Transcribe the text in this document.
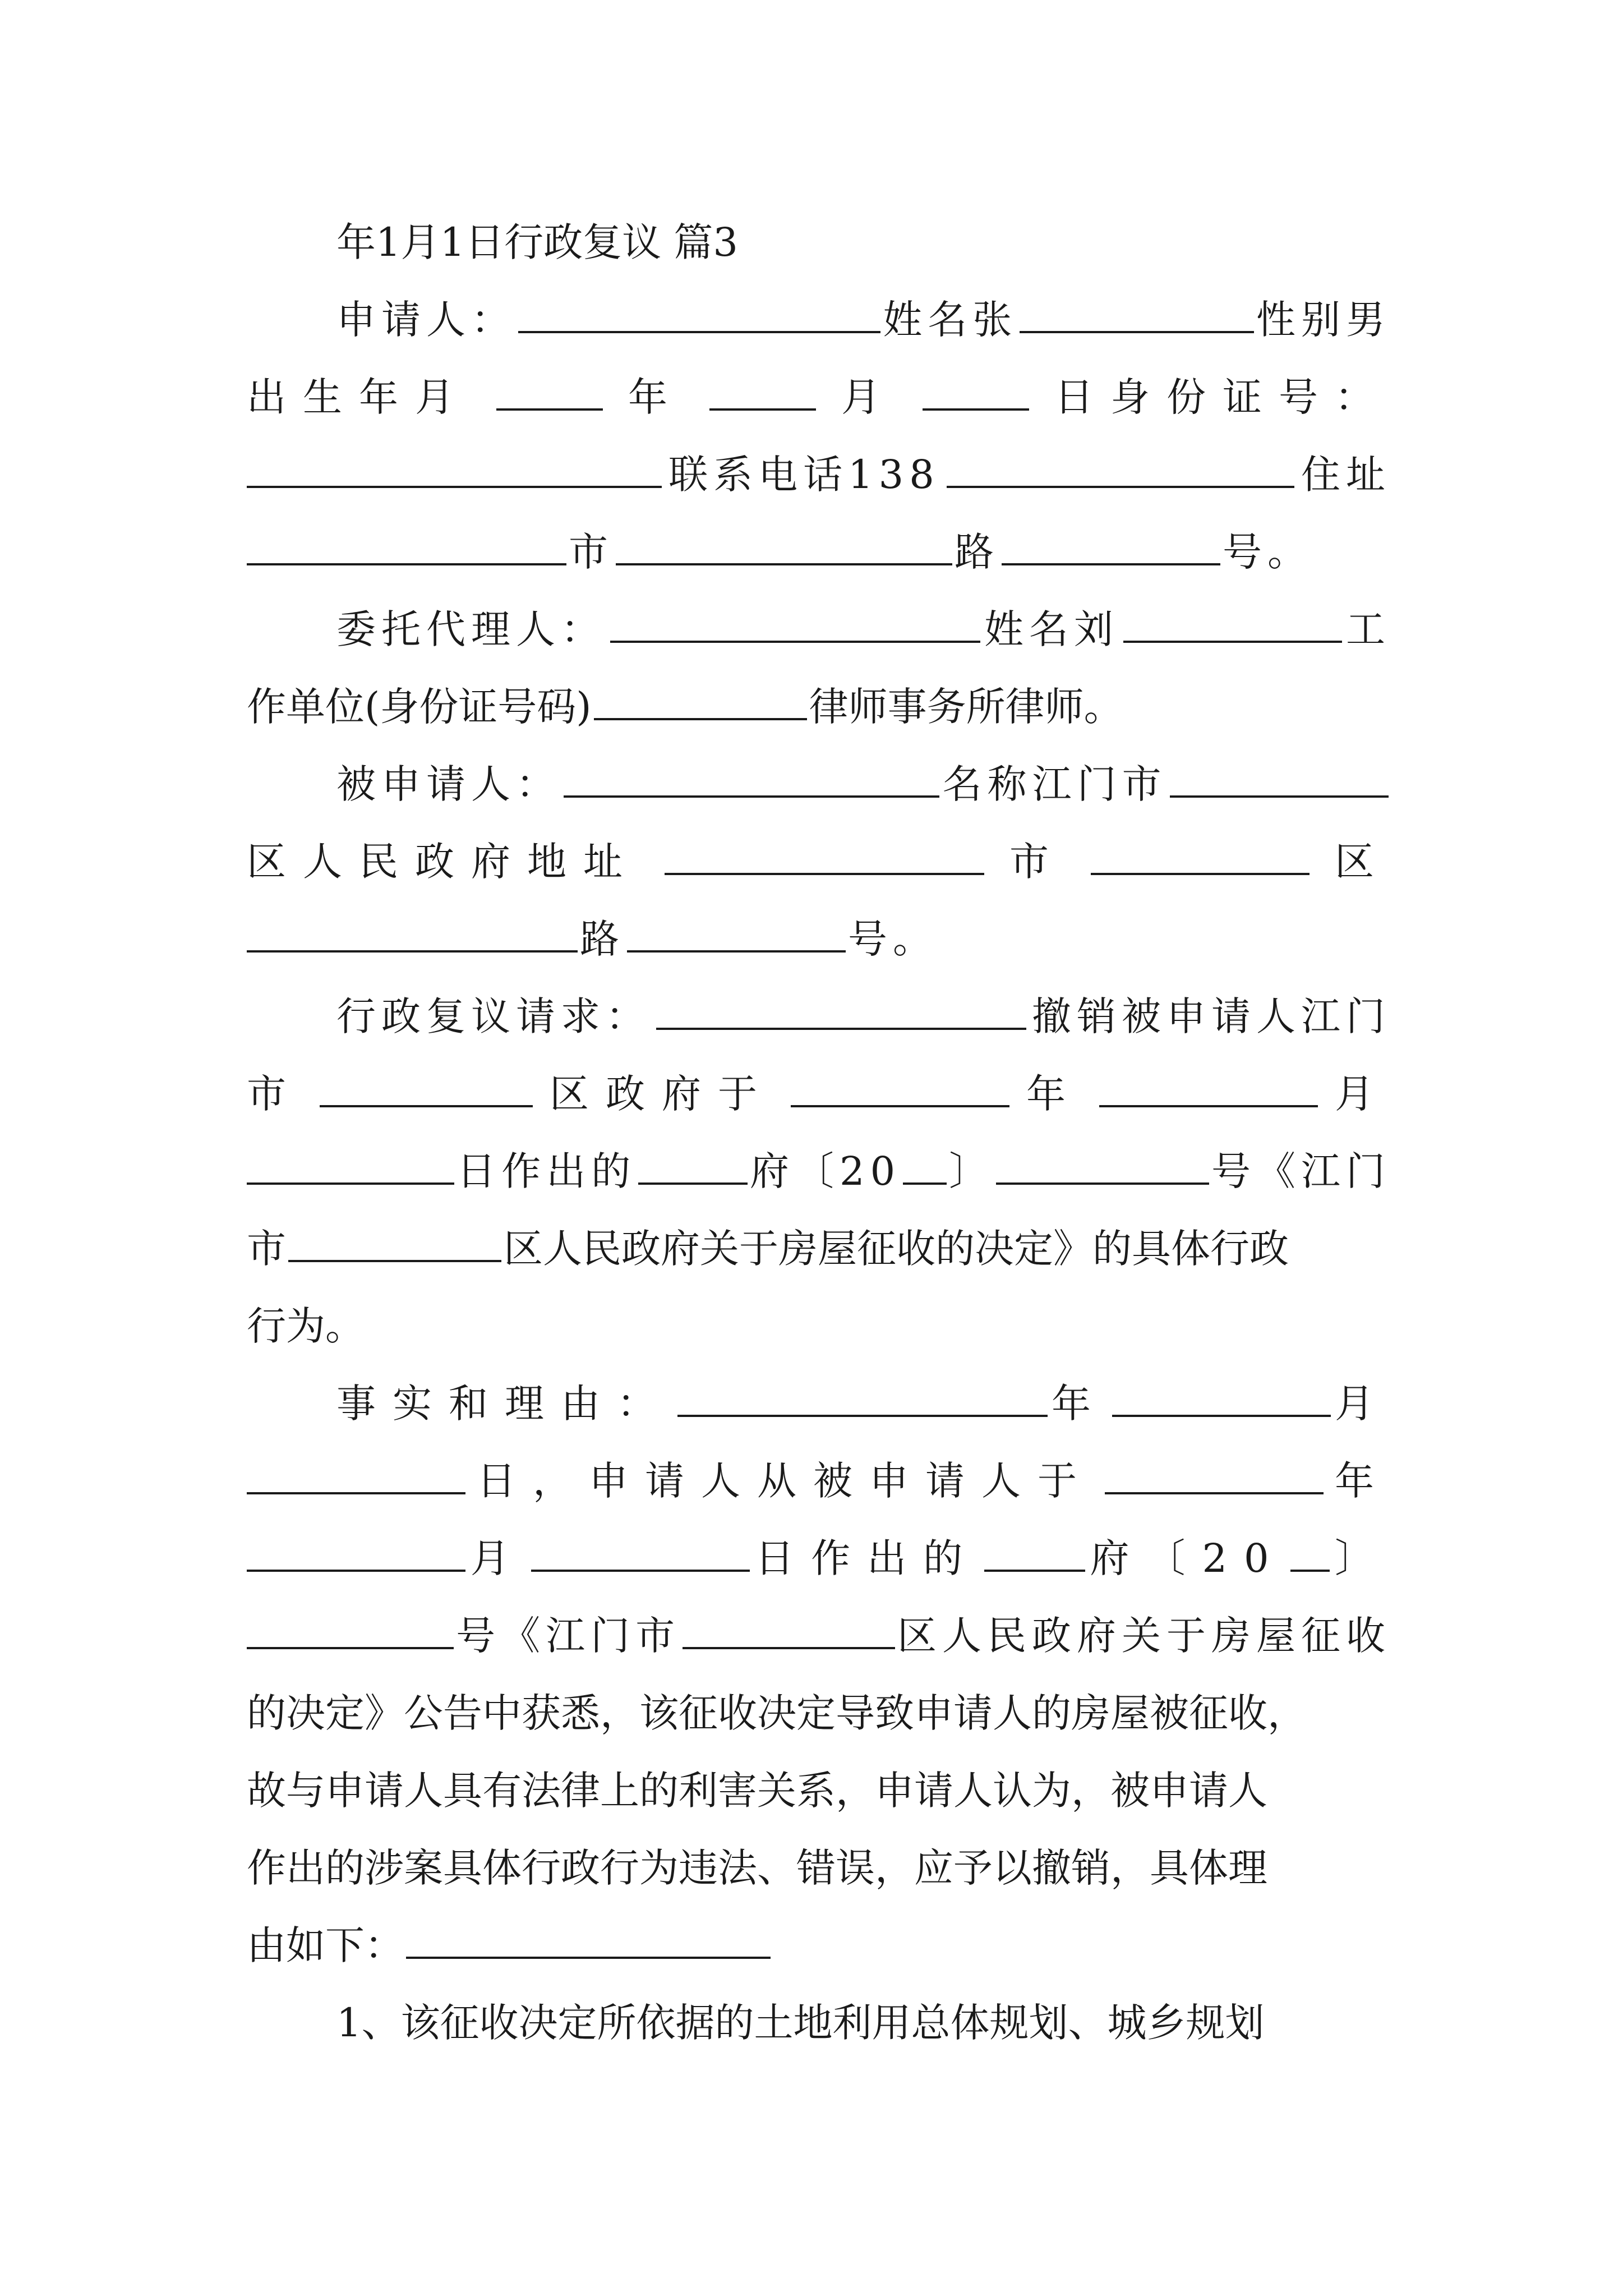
年1月1日行政复议 篇3
申请人：	姓名张	性别男
出生年月	年	月	日身份证号：
联系电话138	住址
市	路	号。
委托代理人：	姓名刘	工
作单位(身份证号码)	律师事务所律师。
被申请人：	名称江门市
区人民政府地址	市	区
路	号。
行政复议请求：	撤销被申请人江门
市	区政府于	年	月
日作出的	府〔20 〕	号《江门
市	区人民政府关于房屋征收的决定》的具体行政
行为。
事实和理由：	年	月
日，申请人从被申请人于	年
月	日作出的	府〔20 〕
号《江门市	区人民政府关于房屋征收
的决定》公告中获悉，该征收决定导致申请人的房屋被征收，
故与申请人具有法律上的利害关系，申请人认为，被申请人
作出的涉案具体行政行为违法、错误，应予以撤销，具体理
由如下：
1、该征收决定所依据的土地利用总体规划、城乡规划
